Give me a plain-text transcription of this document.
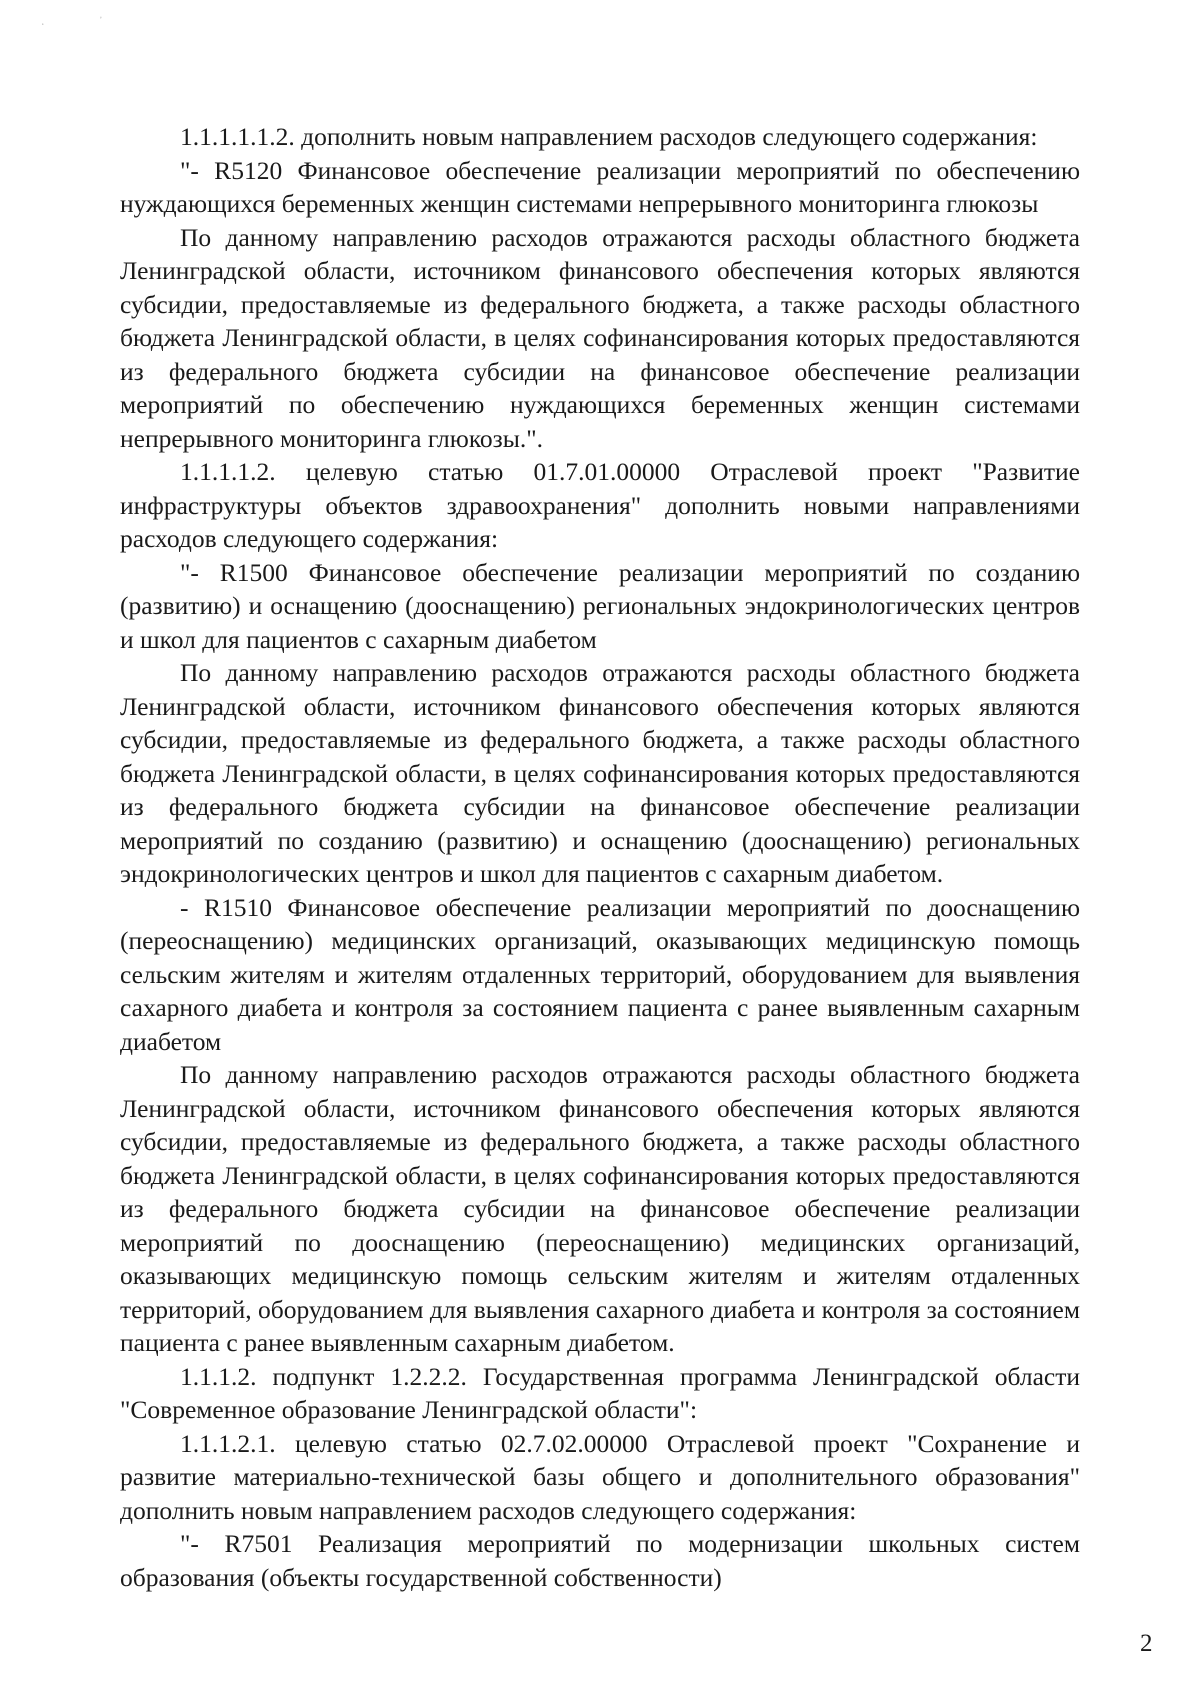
ʻ
ʼ

1.1.1.1.1.2. дополнить новым направлением расходов следующего содержания:

"- R5120 Финансовое обеспечение реализации мероприятий по обеспечению нуждающихся беременных женщин системами непрерывного мониторинга глюкозы

По данному направлению расходов отражаются расходы областного бюджета Ленинградской области, источником финансового обеспечения которых являются субсидии, предоставляемые из федерального бюджета, а также расходы областного бюджета Ленинградской области, в целях софинансирования которых предоставляются из федерального бюджета субсидии на финансовое обеспечение реализации мероприятий по обеспечению нуждающихся беременных женщин системами непрерывного мониторинга глюкозы.".

1.1.1.1.2. целевую статью 01.7.01.00000 Отраслевой проект "Развитие инфраструктуры объектов здравоохранения" дополнить новыми направлениями расходов следующего содержания:

"- R1500 Финансовое обеспечение реализации мероприятий по созданию (развитию) и оснащению (дооснащению) региональных эндокринологических центров и школ для пациентов с сахарным диабетом

По данному направлению расходов отражаются расходы областного бюджета Ленинградской области, источником финансового обеспечения которых являются субсидии, предоставляемые из федерального бюджета, а также расходы областного бюджета Ленинградской области, в целях софинансирования которых предоставляются из федерального бюджета субсидии на финансовое обеспечение реализации мероприятий по созданию (развитию) и оснащению (дооснащению) региональных эндокринологических центров и школ для пациентов с сахарным диабетом.

- R1510 Финансовое обеспечение реализации мероприятий по дооснащению (переоснащению) медицинских организаций, оказывающих медицинскую помощь сельским жителям и жителям отдаленных территорий, оборудованием для выявления сахарного диабета и контроля за состоянием пациента с ранее выявленным сахарным диабетом

По данному направлению расходов отражаются расходы областного бюджета Ленинградской области, источником финансового обеспечения которых являются субсидии, предоставляемые из федерального бюджета, а также расходы областного бюджета Ленинградской области, в целях софинансирования которых предоставляются из федерального бюджета субсидии на финансовое обеспечение реализации мероприятий по дооснащению (переоснащению) медицинских организаций, оказывающих медицинскую помощь сельским жителям и жителям отдаленных территорий, оборудованием для выявления сахарного диабета и контроля за состоянием пациента с ранее выявленным сахарным диабетом.

1.1.1.2. подпункт 1.2.2.2. Государственная программа Ленинградской области "Современное образование Ленинградской области":

1.1.1.2.1. целевую статью 02.7.02.00000 Отраслевой проект "Сохранение и развитие материально-технической базы общего и дополнительного образования" дополнить новым направлением расходов следующего содержания:

"- R7501 Реализация мероприятий по модернизации школьных систем образования (объекты государственной собственности)

2
